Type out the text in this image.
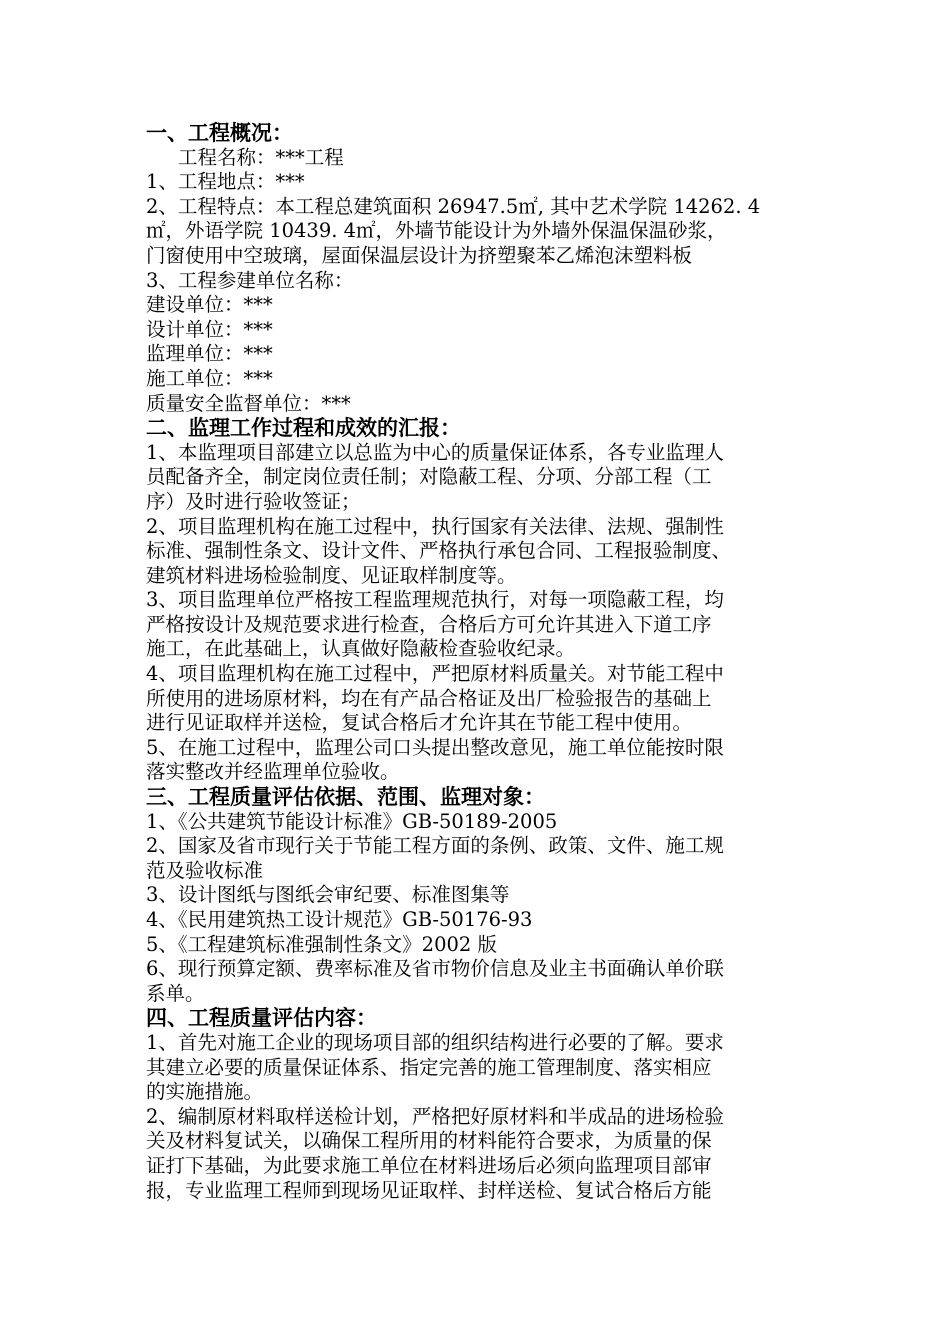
一、工程概况：
工程名称：***工程
1、工程地点：***
2、工程特点：本工程总建筑面积 26947.5㎡, 其中艺术学院 14262. 4
㎡，外语学院 10439. 4㎡，外墙节能设计为外墙外保温保温砂浆，
门窗使用中空玻璃，屋面保温层设计为挤塑聚苯乙烯泡沫塑料板
3、工程参建单位名称：
建设单位：***
设计单位：***
监理单位：***
施工单位：***
质量安全监督单位：***
二、监理工作过程和成效的汇报：
1、本监理项目部建立以总监为中心的质量保证体系，各专业监理人
员配备齐全，制定岗位责任制；对隐蔽工程、分项、分部工程（工
序）及时进行验收签证；
2、项目监理机构在施工过程中，执行国家有关法律、法规、强制性
标准、强制性条文、设计文件、严格执行承包合同、工程报验制度、
建筑材料进场检验制度、见证取样制度等。
3、项目监理单位严格按工程监理规范执行，对每一项隐蔽工程，均
严格按设计及规范要求进行检查，合格后方可允许其进入下道工序
施工，在此基础上，认真做好隐蔽检查验收纪录。
4、项目监理机构在施工过程中，严把原材料质量关。对节能工程中
所使用的进场原材料，均在有产品合格证及出厂检验报告的基础上
进行见证取样并送检，复试合格后才允许其在节能工程中使用。
5、在施工过程中，监理公司口头提出整改意见，施工单位能按时限
落实整改并经监理单位验收。
三、工程质量评估依据、范围、监理对象：
1、《公共建筑节能设计标准》GB-50189-2005
2、国家及省市现行关于节能工程方面的条例、政策、文件、施工规
范及验收标准
3、设计图纸与图纸会审纪要、标准图集等
4、《民用建筑热工设计规范》GB-50176-93
5、《工程建筑标准强制性条文》2002 版
6、现行预算定额、费率标准及省市物价信息及业主书面确认单价联
系单。
四、工程质量评估内容：
1、首先对施工企业的现场项目部的组织结构进行必要的了解。要求
其建立必要的质量保证体系、指定完善的施工管理制度、落实相应
的实施措施。
2、编制原材料取样送检计划，严格把好原材料和半成品的进场检验
关及材料复试关，以确保工程所用的材料能符合要求，为质量的保
证打下基础，为此要求施工单位在材料进场后必须向监理项目部审
报，专业监理工程师到现场见证取样、封样送检、复试合格后方能
